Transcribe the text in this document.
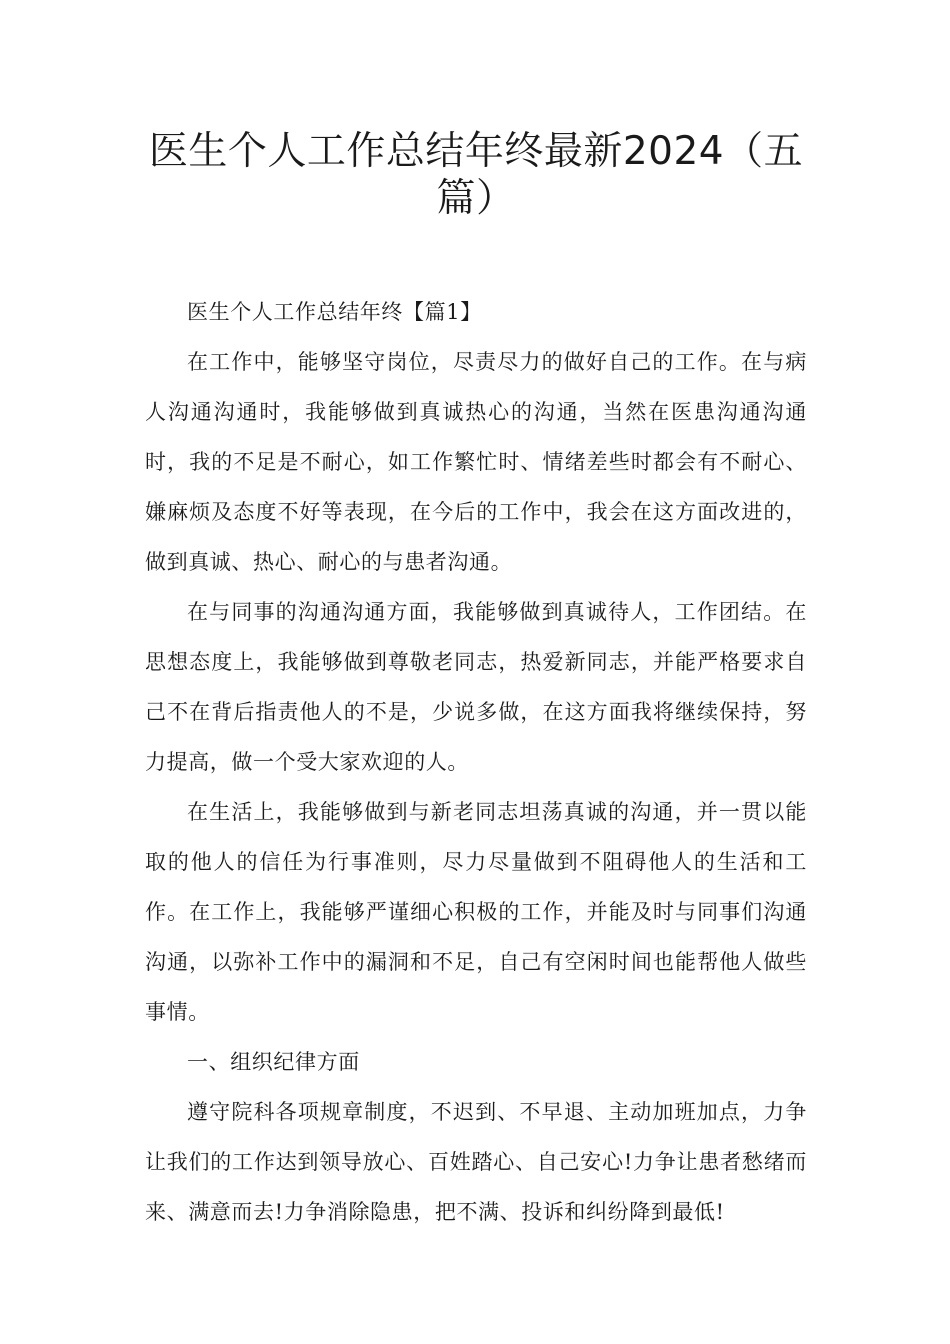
医生个人工作总结年终最新2024（五篇）

医生个人工作总结年终【篇1】

在工作中，能够坚守岗位，尽责尽力的做好自己的工作。在与病人沟通沟通时，我能够做到真诚热心的沟通，当然在医患沟通沟通时，我的不足是不耐心，如工作繁忙时、情绪差些时都会有不耐心、嫌麻烦及态度不好等表现，在今后的工作中，我会在这方面改进的，做到真诚、热心、耐心的与患者沟通。

在与同事的沟通沟通方面，我能够做到真诚待人，工作团结。在思想态度上，我能够做到尊敬老同志，热爱新同志，并能严格要求自己不在背后指责他人的不是，少说多做，在这方面我将继续保持，努力提高，做一个受大家欢迎的人。

在生活上，我能够做到与新老同志坦荡真诚的沟通，并一贯以能取的他人的信任为行事准则，尽力尽量做到不阻碍他人的生活和工作。在工作上，我能够严谨细心积极的工作，并能及时与同事们沟通沟通，以弥补工作中的漏洞和不足，自己有空闲时间也能帮他人做些事情。

一、组织纪律方面

遵守院科各项规章制度，不迟到、不早退、主动加班加点，力争让我们的工作达到领导放心、百姓踏心、自己安心!力争让患者愁绪而来、满意而去!力争消除隐患，把不满、投诉和纠纷降到最低!
